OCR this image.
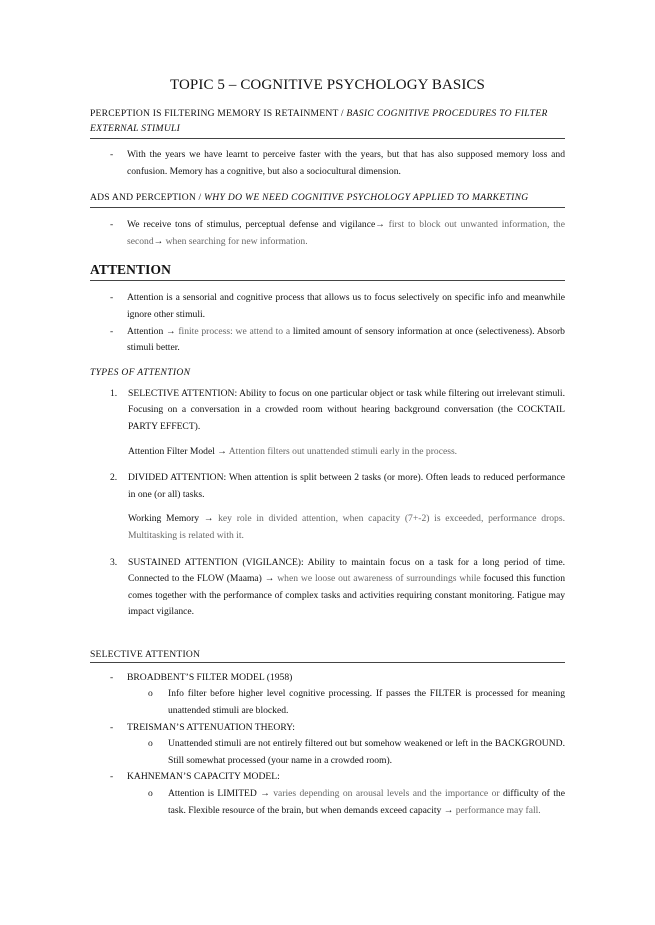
TOPIC 5 – COGNITIVE PSYCHOLOGY BASICS
PERCEPTION IS FILTERING MEMORY IS RETAINMENT / BASIC COGNITIVE PROCEDURES TO FILTER EXTERNAL STIMULI
- With the years we have learnt to perceive faster with the years, but that has also supposed memory loss and confusion. Memory has a cognitive, but also a sociocultural dimension.
ADS AND PERCEPTION / WHY DO WE NEED COGNITIVE PSYCHOLOGY APPLIED TO MARKETING
- We receive tons of stimulus, perceptual defense and vigilance→ first to block out unwanted information, the second→ when searching for new information.
ATTENTION
- Attention is a sensorial and cognitive process that allows us to focus selectively on specific info and meanwhile ignore other stimuli.
- Attention → finite process: we attend to a limited amount of sensory information at once (selectiveness). Absorb stimuli better.
TYPES OF ATTENTION
1. SELECTIVE ATTENTION: Ability to focus on one particular object or task while filtering out irrelevant stimuli. Focusing on a conversation in a crowded room without hearing background conversation (the COCKTAIL PARTY EFFECT).
Attention Filter Model → Attention filters out unattended stimuli early in the process.
2. DIVIDED ATTENTION: When attention is split between 2 tasks (or more). Often leads to reduced performance in one (or all) tasks.
Working Memory → key role in divided attention, when capacity (7+-2) is exceeded, performance drops. Multitasking is related with it.
3. SUSTAINED ATTENTION (VIGILANCE): Ability to maintain focus on a task for a long period of time. Connected to the FLOW (Maama) → when we loose out awareness of surroundings while focused this function comes together with the performance of complex tasks and activities requiring constant monitoring. Fatigue may impact vigilance.
SELECTIVE ATTENTION
- BROADBENT’S FILTER MODEL (1958)
o Info filter before higher level cognitive processing. If passes the FILTER is processed for meaning unattended stimuli are blocked.
- TREISMAN’S ATTENUATION THEORY:
o Unattended stimuli are not entirely filtered out but somehow weakened or left in the BACKGROUND. Still somewhat processed (your name in a crowded room).
- KAHNEMAN’S CAPACITY MODEL:
o Attention is LIMITED → varies depending on arousal levels and the importance or difficulty of the task. Flexible resource of the brain, but when demands exceed capacity → performance may fall.
